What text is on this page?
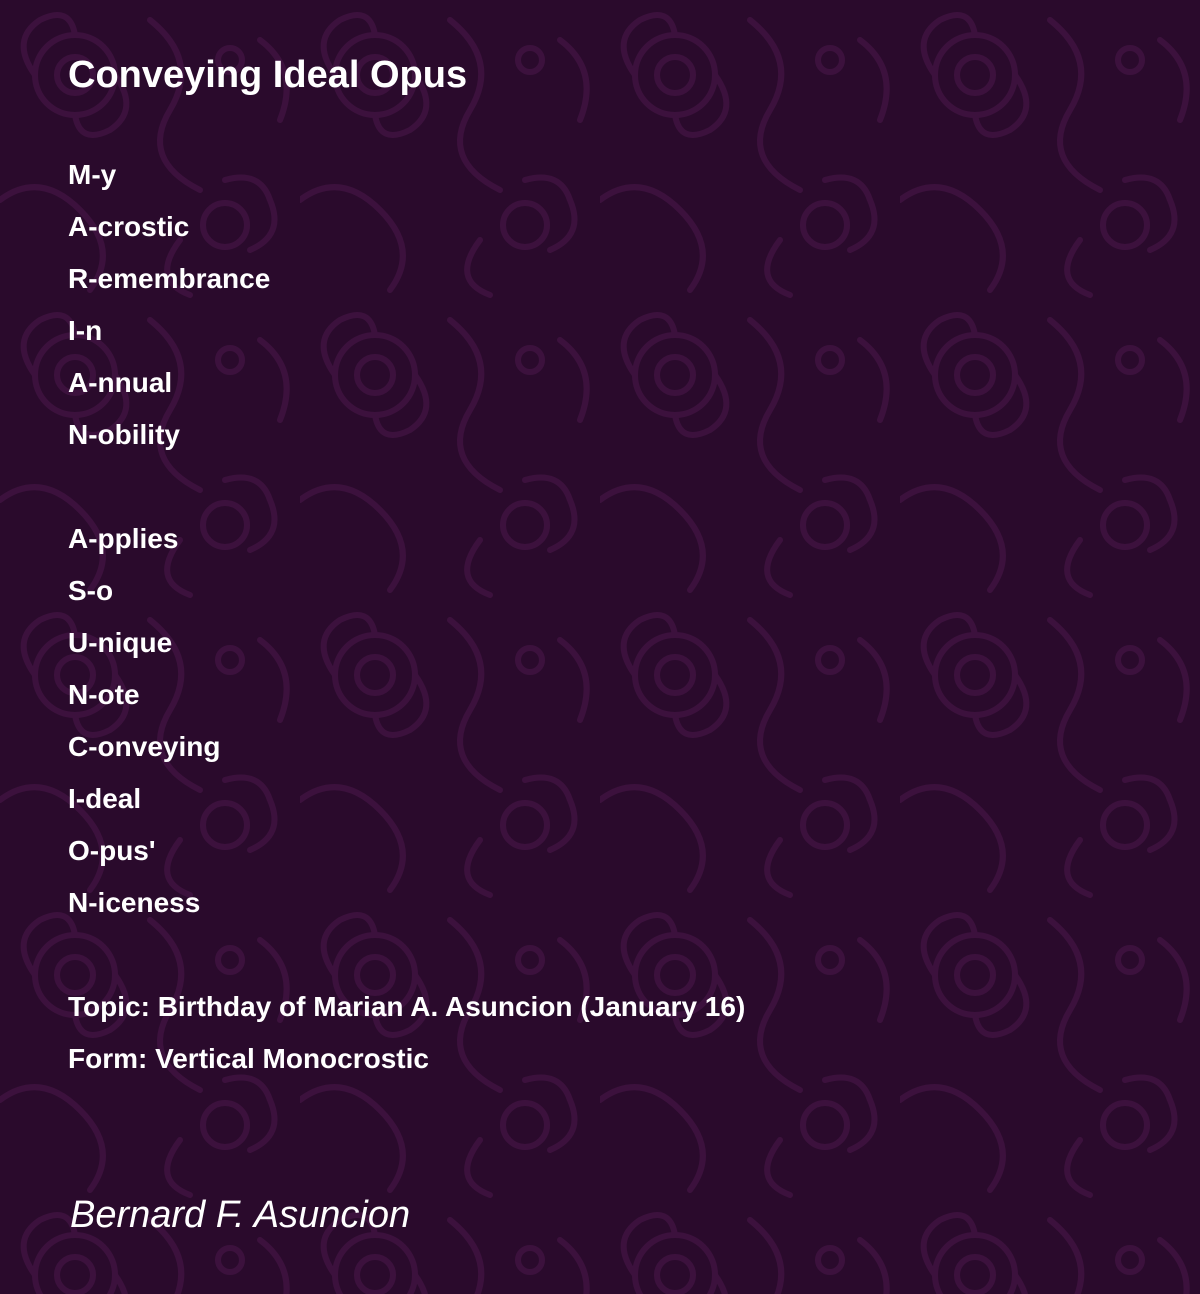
Conveying Ideal Opus
M-y
A-crostic
R-emembrance
I-n
A-nnual
N-obility
A-pplies
S-o
U-nique
N-ote
C-onveying
I-deal
O-pus'
N-iceness
Topic: Birthday of Marian A. Asuncion (January 16)
Form: Vertical Monocrostic
Bernard F. Asuncion
